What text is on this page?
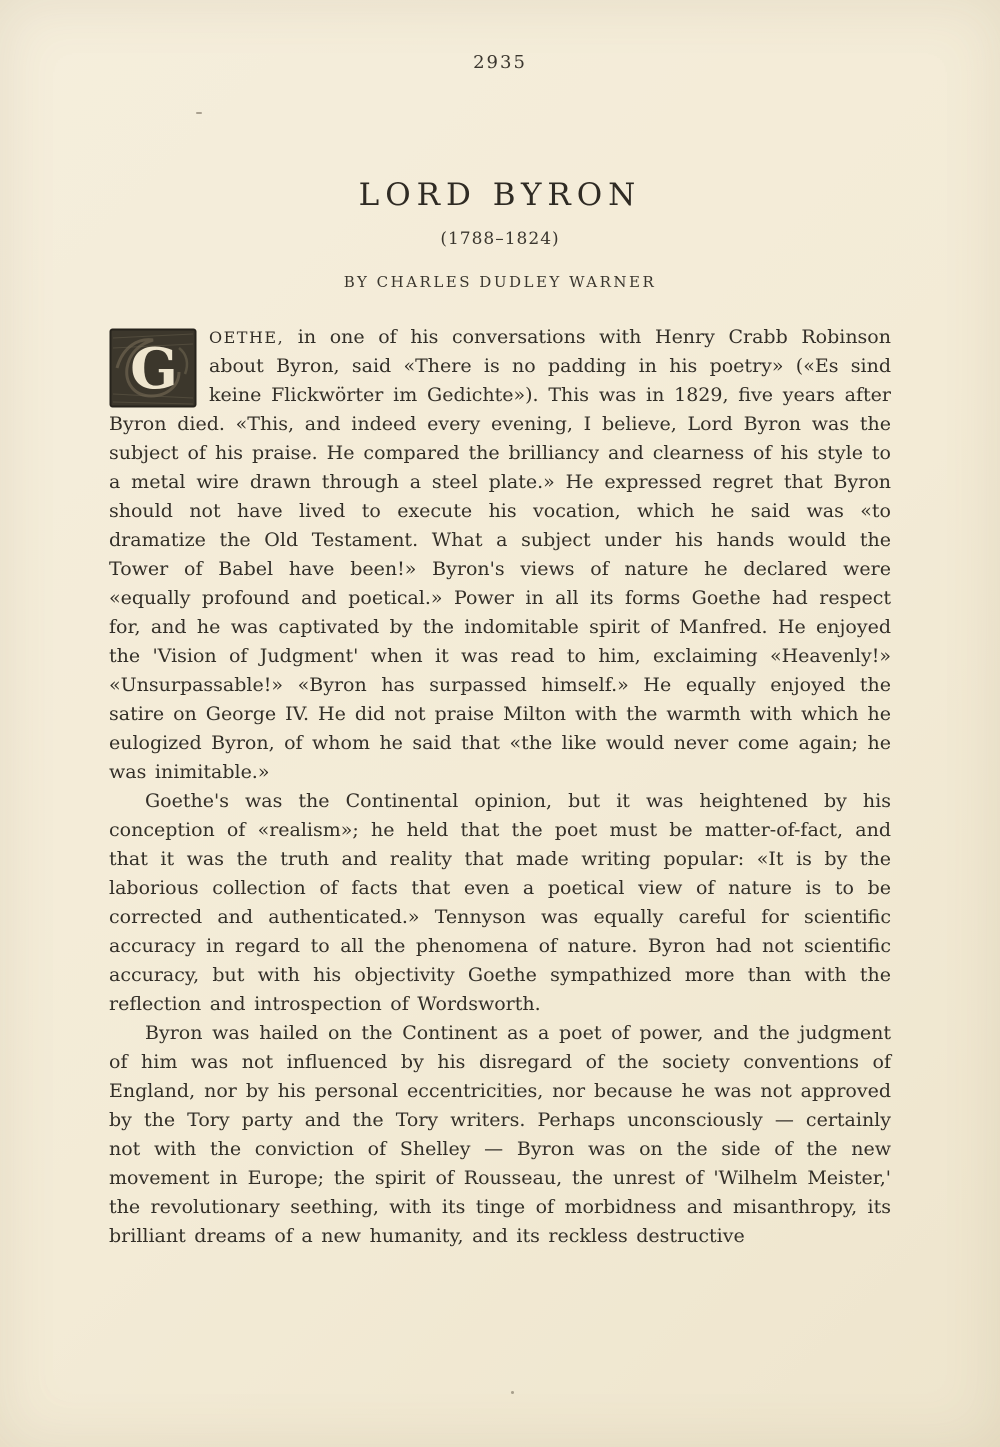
2935
LORD BYRON
(1788–1824)
BY CHARLES DUDLEY WARNER

G OETHE, in one of his conversations with Henry Crabb Robinson about Byron, said «There is no padding in his poetry» («Es sind keine Flickwörter im Gedichte»). This was in 1829, five years after Byron died. «This, and indeed every evening, I believe, Lord Byron was the subject of his praise. He compared the brilliancy and clearness of his style to a metal wire drawn through a steel plate.» He expressed regret that Byron should not have lived to execute his vocation, which he said was «to dramatize the Old Testament. What a subject under his hands would the Tower of Babel have been!» Byron's views of nature he declared were «equally profound and poetical.» Power in all its forms Goethe had respect for, and he was captivated by the indomitable spirit of Manfred. He enjoyed the 'Vision of Judgment' when it was read to him, exclaiming «Heavenly!» «Unsurpassable!» «Byron has surpassed himself.» He equally enjoyed the satire on George IV. He did not praise Milton with the warmth with which he eulogized Byron, of whom he said that «the like would never come again; he was inimitable.»

Goethe's was the Continental opinion, but it was heightened by his conception of «realism»; he held that the poet must be matter-of-fact, and that it was the truth and reality that made writing popular: «It is by the laborious collection of facts that even a poetical view of nature is to be corrected and authenticated.» Tennyson was equally careful for scientific accuracy in regard to all the phenomena of nature. Byron had not scientific accuracy, but with his objectivity Goethe sympathized more than with the reflection and introspection of Wordsworth.

Byron was hailed on the Continent as a poet of power, and the judgment of him was not influenced by his disregard of the society conventions of England, nor by his personal eccentricities, nor because he was not approved by the Tory party and the Tory writers. Perhaps unconsciously — certainly not with the conviction of Shelley — Byron was on the side of the new movement in Europe; the spirit of Rousseau, the unrest of 'Wilhelm Meister,' the revolutionary seething, with its tinge of morbidness and misanthropy, its brilliant dreams of a new humanity, and its reckless destructive
